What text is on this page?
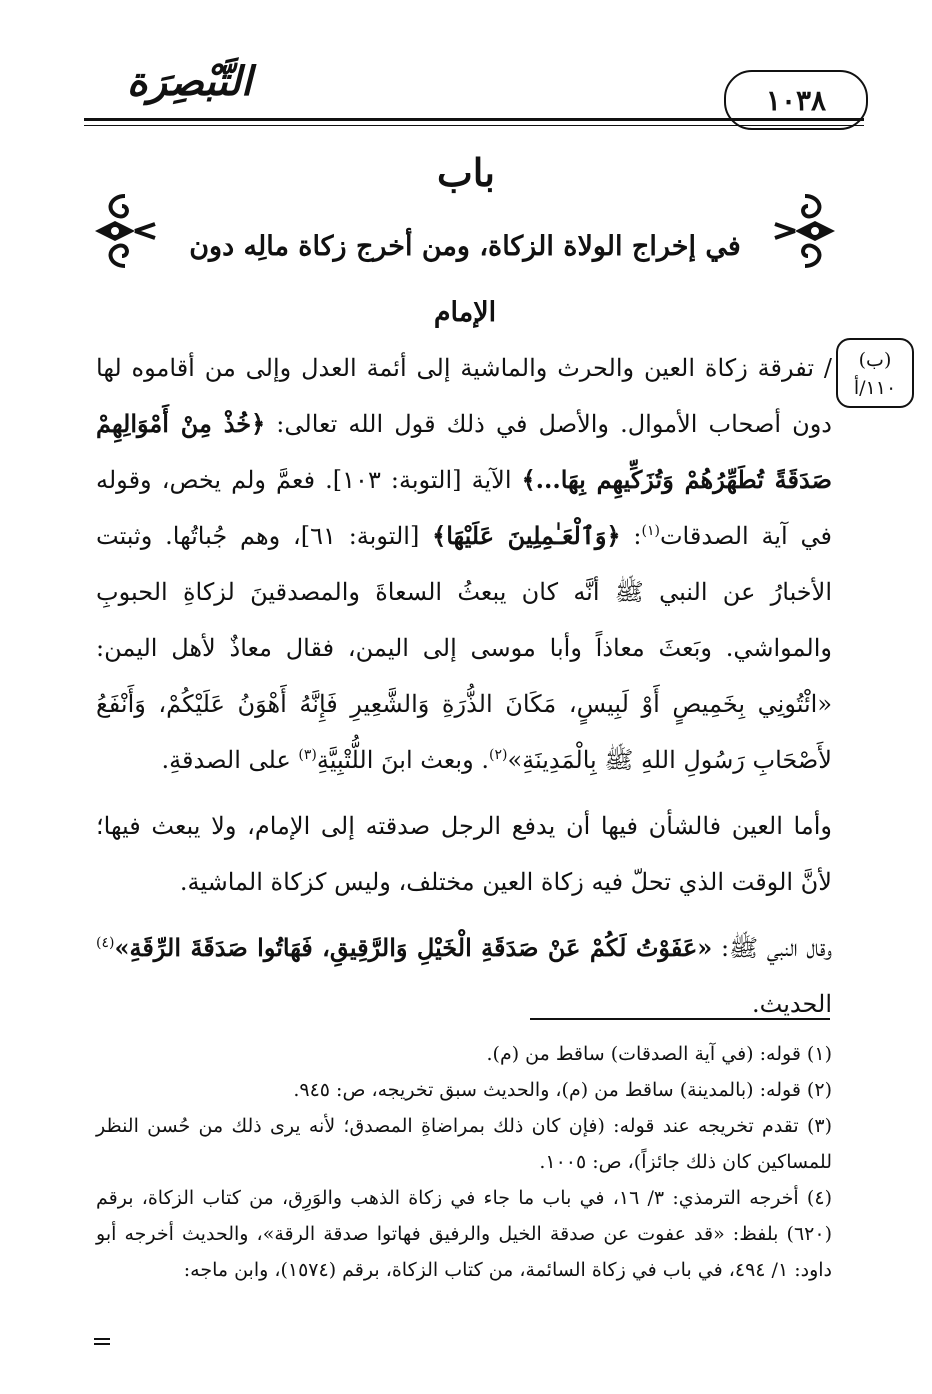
التَّبْصِرَة	١٠٣٨
باب
في إخراج الولاة الزكاة، ومن أخرج زكاة مالِه دون الإمام
(ب)
١١٠/أ

/ تفرقة زكاة العين والحرث والماشية إلى أئمة العدل وإلى من أقاموه لها دون أصحاب الأموال. والأصل في ذلك قول الله تعالى: ﴿خُذْ مِنْ أَمْوَالِهِمْ صَدَقَةً تُطَهِّرُهُمْ وَتُزَكِّيهِم بِهَا...﴾ الآية [التوبة: ١٠٣]. فعمَّ ولم يخص، وقوله في آية الصدقات$^{(١)}$: ﴿وَٱلْعَـٰمِلِينَ عَلَيْهَا﴾ [التوبة: ٦١]، وهم جُباتُها. وثبتت الأخبارُ عن النبي ﷺ أنَّه كان يبعثُ السعاةَ والمصدقينَ لزكاةِ الحبوبِ والمواشي. وبَعثَ معاذاً وأبا موسى إلى اليمن، فقال معاذٌ لأهل اليمن: «ائْتُونِي بِخَمِيصٍ أَوْ لَبِيسٍ، مَكَانَ الذُّرَةِ وَالشَّعِيرِ فَإِنَّهُ أَهْوَنُ عَلَيْكُمْ، وَأَنْفَعُ لأَصْحَابِ رَسُولِ اللهِ ﷺ بِالْمَدِينَةِ»$^{(٢)}$. وبعث ابنَ اللُّتْبِيَّةِ$^{(٣)}$ على الصدقةِ.

وأما العين فالشأن فيها أن يدفع الرجل صدقته إلى الإمام، ولا يبعث فيها؛ لأنَّ الوقت الذي تحلّ فيه زكاة العين مختلف، وليس كزكاة الماشية.

وقال النبي ﷺ: «عَفَوْتُ لَكُمْ عَنْ صَدَقَةِ الْخَيْلِ وَالرَّقِيقِ، فَهَاتُوا صَدَقَةَ الرِّقَةِ»$^{(٤)}$ الحديث.

(١) قوله: (في آية الصدقات) ساقط من (م).

(٢) قوله: (بالمدينة) ساقط من (م)، والحديث سبق تخريجه، ص: ٩٤٥.

(٣) تقدم تخريجه عند قوله: (فإن كان ذلك بمراضاةِ المصدق؛ لأنه يرى ذلك من حُسن النظر للمساكين كان ذلك جائزاً)، ص: ١٠٠٥.

(٤) أخرجه الترمذي: ٣/ ١٦، في باب ما جاء في زكاة الذهب والوَرِق، من كتاب الزكاة، برقم (٦٢٠) بلفظ: «قد عفوت عن صدقة الخيل والرفيق فهاتوا صدقة الرقة»، والحديث أخرجه أبو داود: ١/ ٤٩٤، في باب في زكاة السائمة، من كتاب الزكاة، برقم (١٥٧٤)، وابن ماجه:
